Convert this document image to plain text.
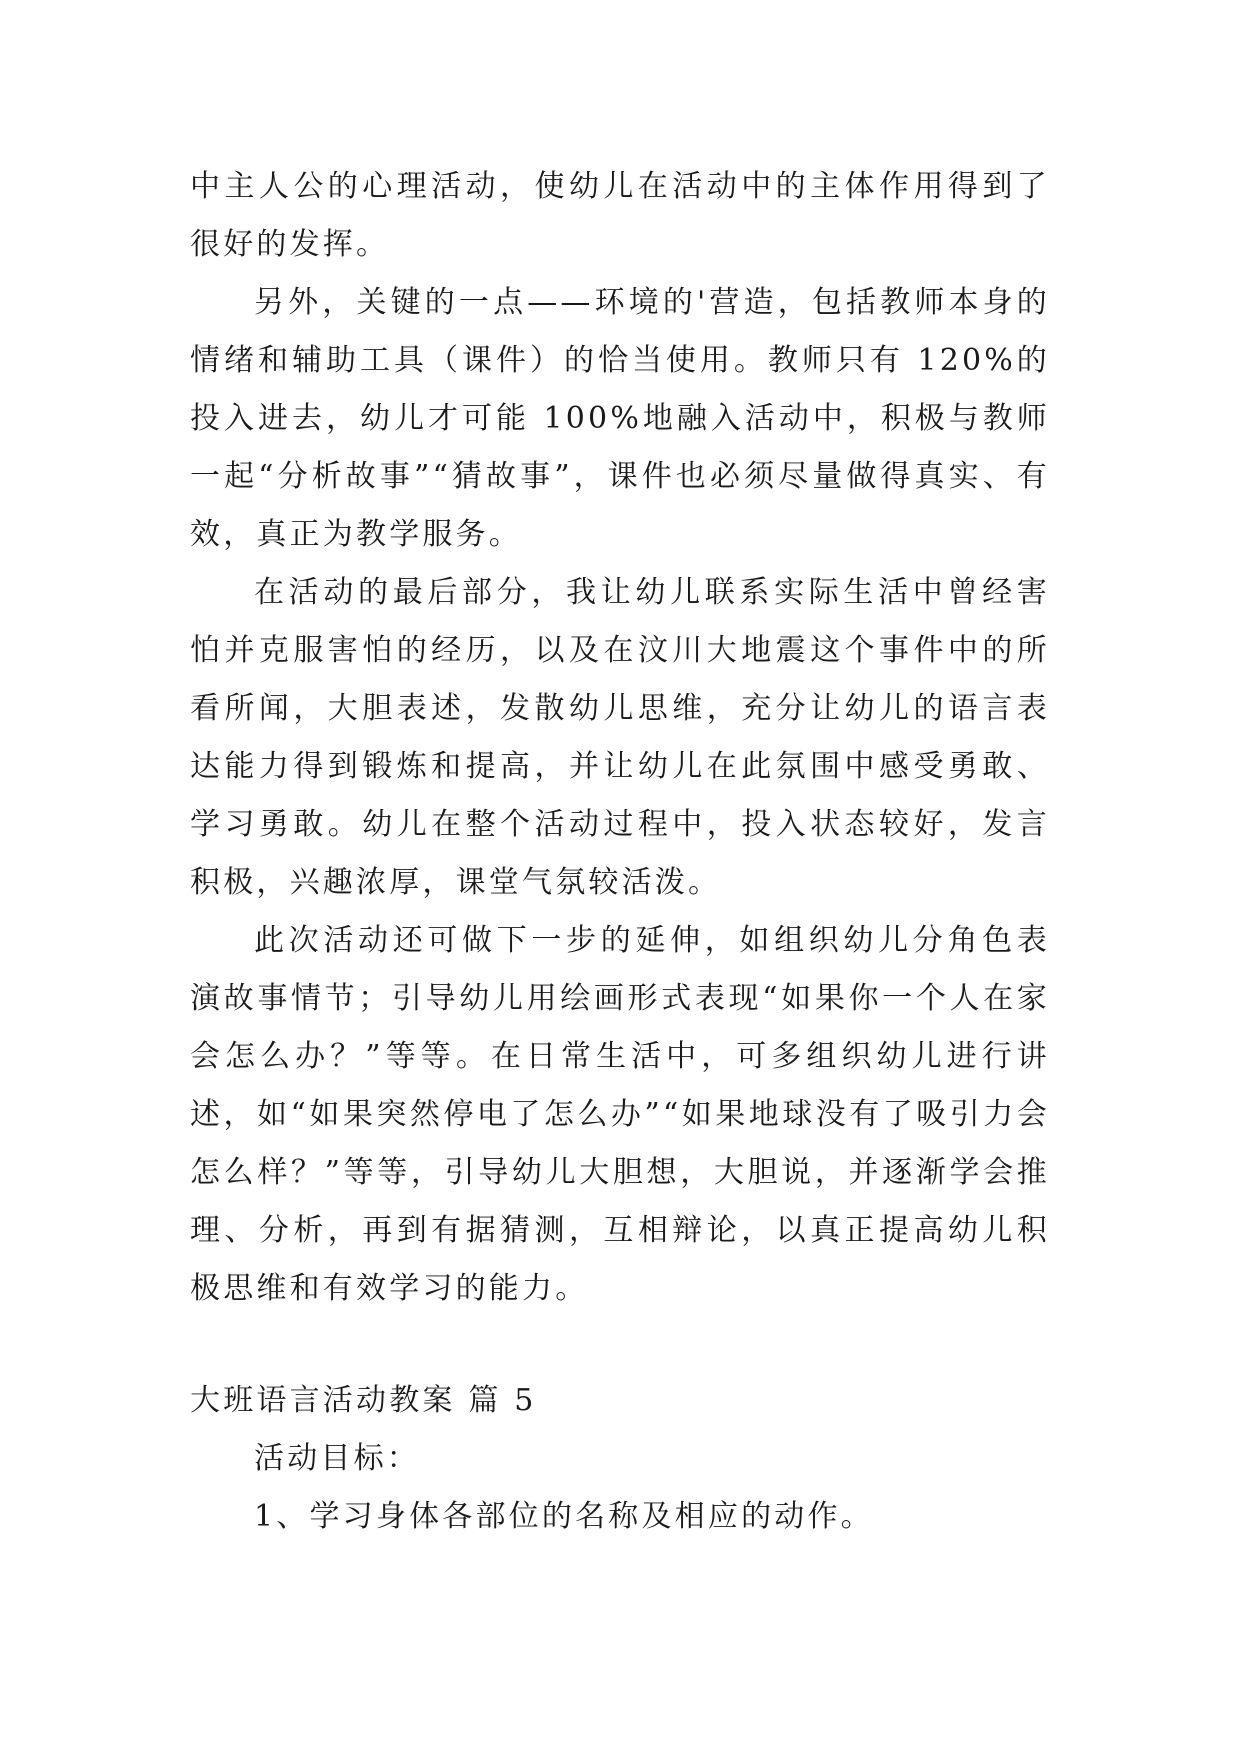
中主人公的心理活动，使幼儿在活动中的主体作用得到了很好的发挥。

另外，关键的一点——环境的'营造，包括教师本身的情绪和辅助工具（课件）的恰当使用。教师只有 120%的投入进去，幼儿才可能 100%地融入活动中，积极与教师一起“分析故事”“猜故事”，课件也必须尽量做得真实、有效，真正为教学服务。

在活动的最后部分，我让幼儿联系实际生活中曾经害怕并克服害怕的经历，以及在汶川大地震这个事件中的所看所闻，大胆表述，发散幼儿思维，充分让幼儿的语言表达能力得到锻炼和提高，并让幼儿在此氛围中感受勇敢、学习勇敢。幼儿在整个活动过程中，投入状态较好，发言积极，兴趣浓厚，课堂气氛较活泼。

此次活动还可做下一步的延伸，如组织幼儿分角色表演故事情节；引导幼儿用绘画形式表现“如果你一个人在家会怎么办？”等等。在日常生活中，可多组织幼儿进行讲述，如“如果突然停电了怎么办”“如果地球没有了吸引力会怎么样？”等等，引导幼儿大胆想，大胆说，并逐渐学会推理、分析，再到有据猜测，互相辩论，以真正提高幼儿积极思维和有效学习的能力。

大班语言活动教案 篇 5

活动目标：

1、学习身体各部位的名称及相应的动作。
